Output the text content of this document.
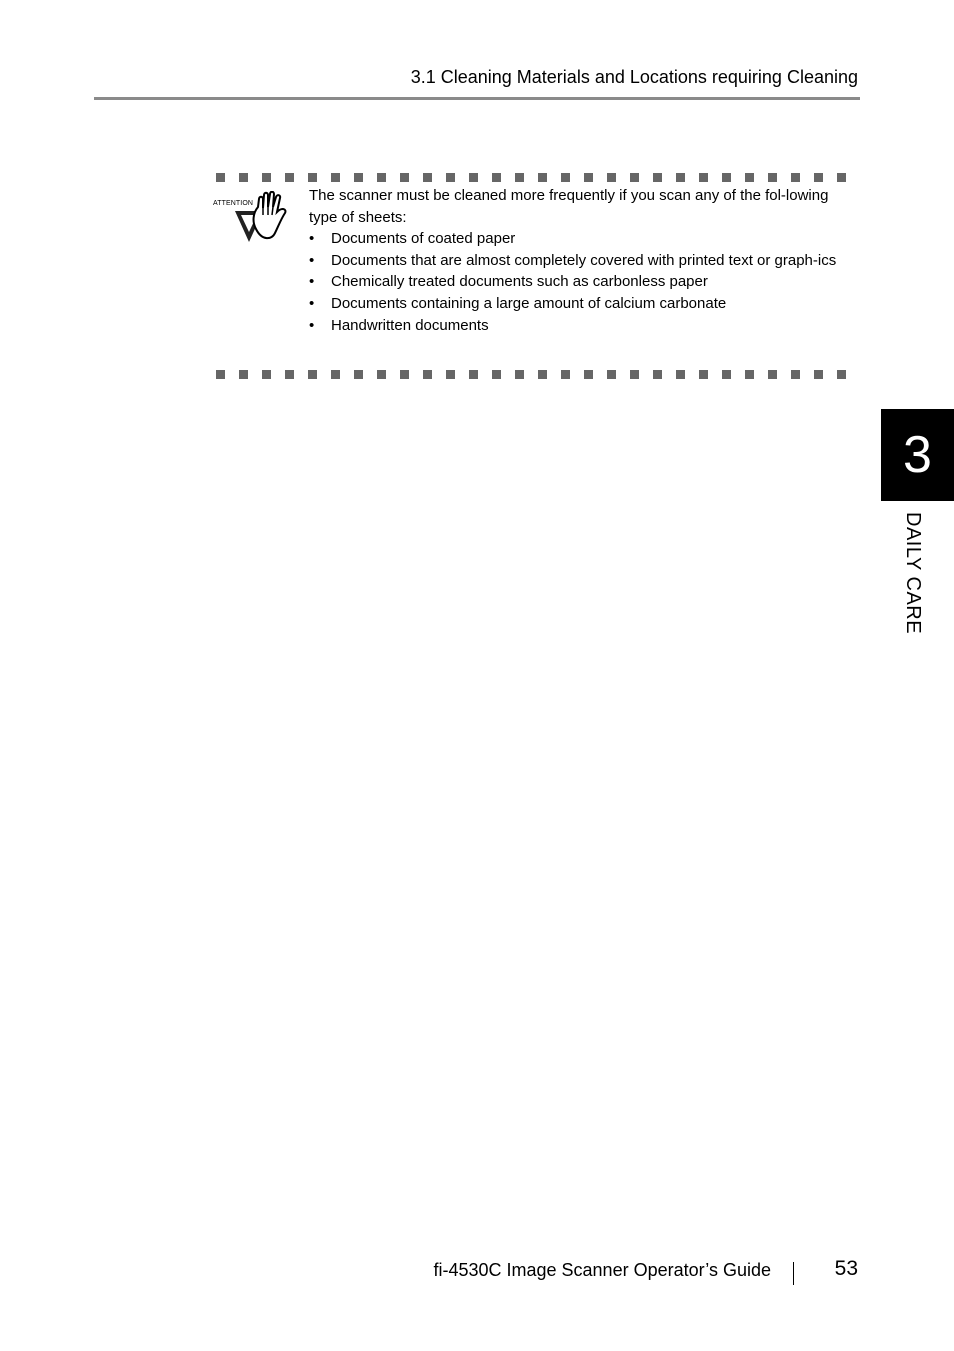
3.1 Cleaning Materials and Locations requiring Cleaning
ATTENTION	The scanner must be cleaned more frequently if you scan any of the fol-lowing type of sheets:

•	Documents of coated paper
•	Documents that are almost completely covered with printed text or graph-ics
•	Chemically treated documents such as carbonless paper
•	Documents containing a large amount of calcium carbonate
•	Handwritten documents
3
DAILY CARE
fi-4530C Image Scanner Operator’s Guide	53
